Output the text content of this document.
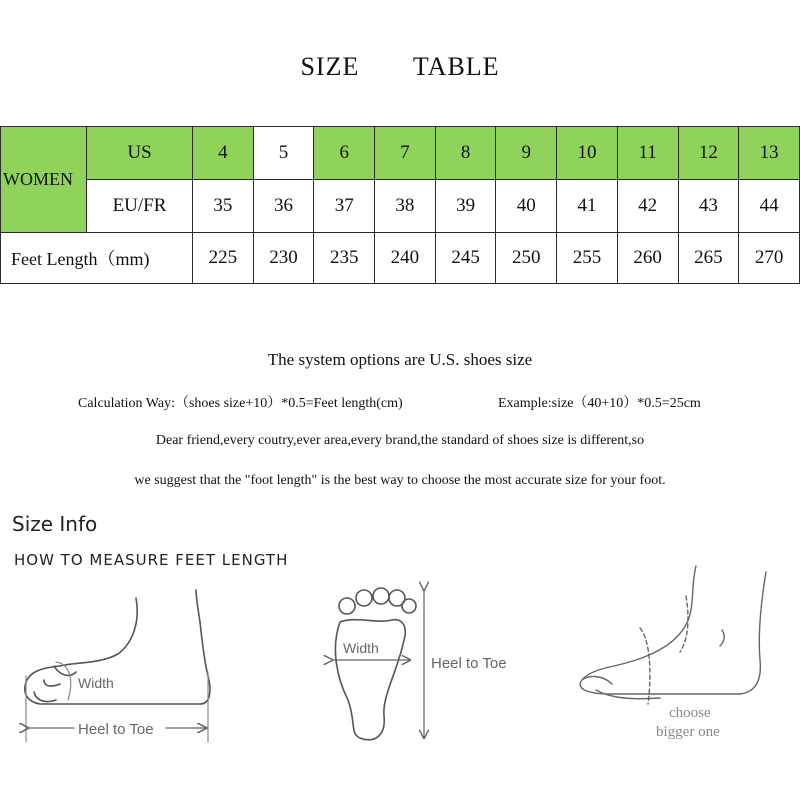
SIZE    TABLE
WOMEN	US	4	5	6	7	8	9	10	11	12	13
	EU/FR	35	36	37	38	39	40	41	42	43	44
Feet Length（mm)		225	230	235	240	245	250	255	260	265	270
The system options are U.S. shoes size
Calculation Way:（shoes size+10）*0.5=Feet length(cm)	Example:size（40+10）*0.5=25cm
Dear friend,every coutry,ever area,every brand,the standard of shoes size is different,so
we suggest that the "foot length" is the best way to choose the most accurate size for your foot.
Size Info
HOW TO MEASURE FEET LENGTH
Width
Heel to Toe
Width
Heel to Toe
choose
bigger one
